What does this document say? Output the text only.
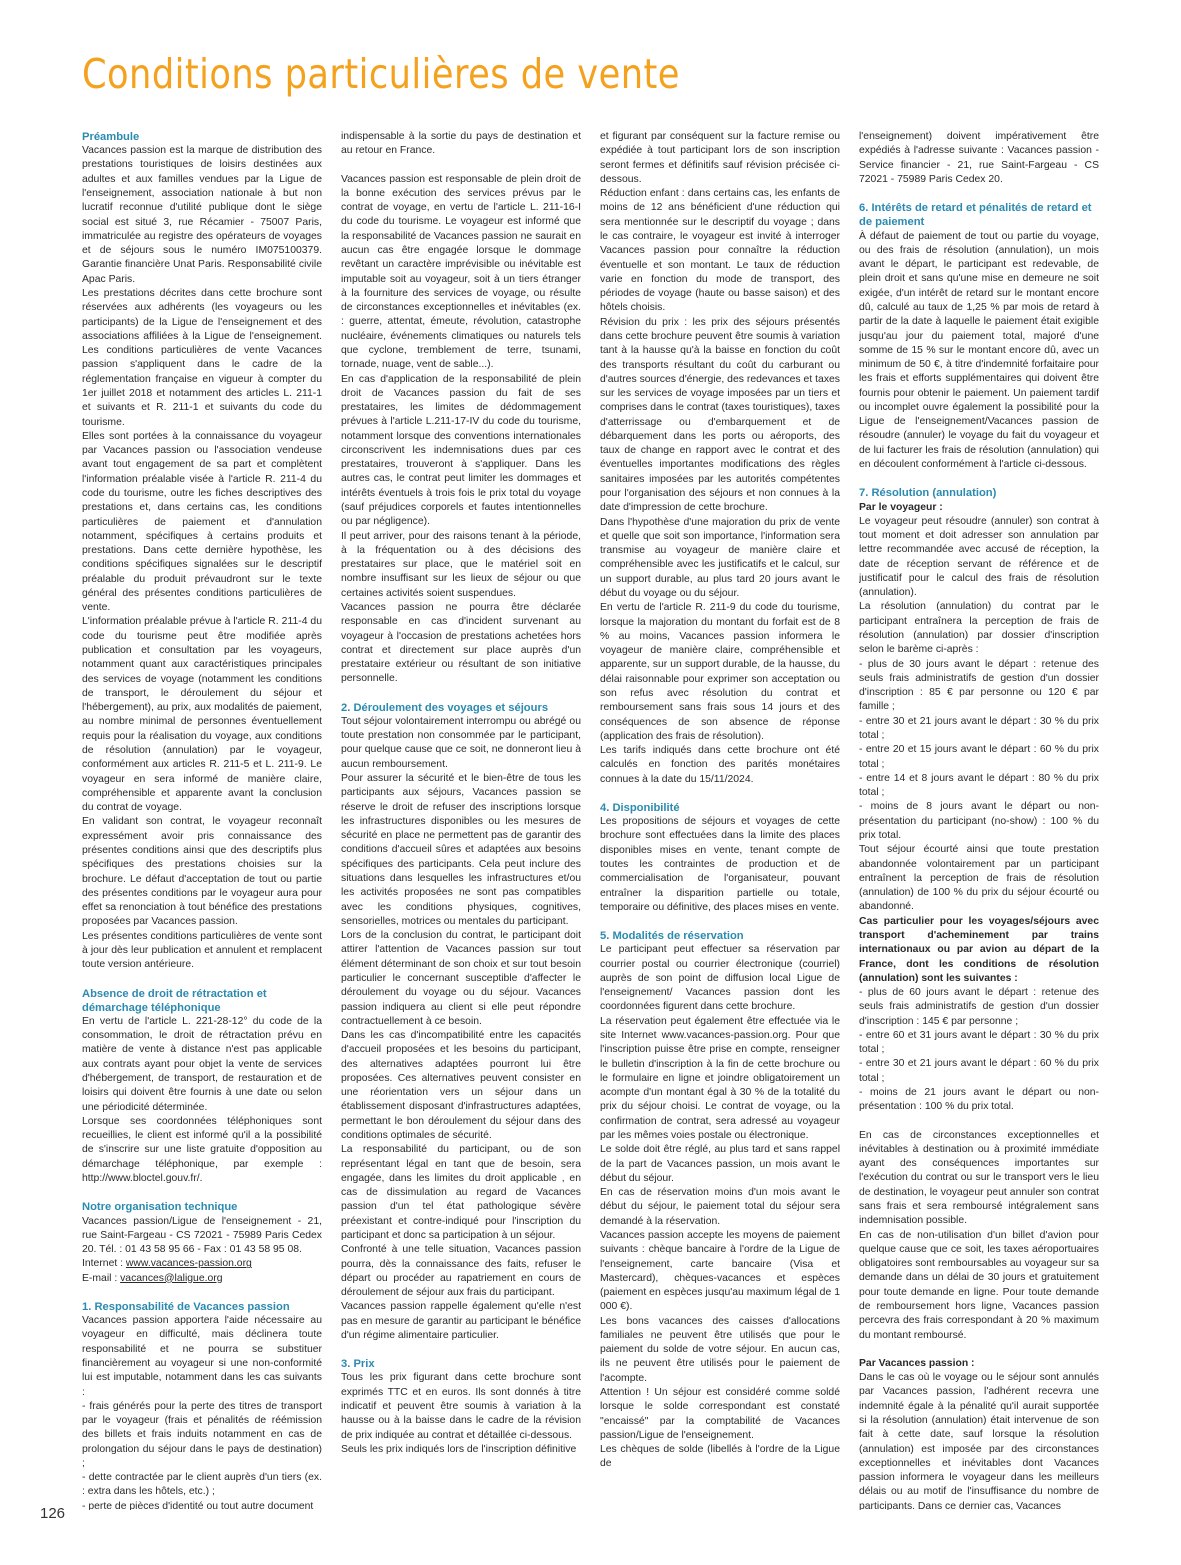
Conditions particulières de vente

Préambule

Vacances passion est la marque de distribution des prestations touristiques de loisirs destinées aux adultes et aux familles vendues par la Ligue de l'enseignement, association nationale à but non lucratif reconnue d'utilité publique dont le siège social est situé 3, rue Récamier - 75007 Paris, immatriculée au registre des opérateurs de voyages et de séjours sous le numéro IM075100379. Garantie financière Unat Paris. Responsabilité civile Apac Paris.

Les prestations décrites dans cette brochure sont réservées aux adhérents (les voyageurs ou les participants) de la Ligue de l'enseignement et des associations affiliées à la Ligue de l'enseignement. Les conditions particulières de vente Vacances passion s'appliquent dans le cadre de la réglementation française en vigueur à compter du 1er juillet 2018 et notamment des articles L. 211-1 et suivants et R. 211-1 et suivants du code du tourisme.

Elles sont portées à la connaissance du voyageur par Vacances passion ou l'association vendeuse avant tout engagement de sa part et complètent l'information préalable visée à l'article R. 211-4 du code du tourisme, outre les fiches descriptives des prestations et, dans certains cas, les conditions particulières de paiement et d'annulation notamment, spécifiques à certains produits et prestations. Dans cette dernière hypothèse, les conditions spécifiques signalées sur le descriptif préalable du produit prévaudront sur le texte général des présentes conditions particulières de vente.

L'information préalable prévue à l'article R. 211-4 du code du tourisme peut être modifiée après publication et consultation par les voyageurs, notamment quant aux caractéristiques principales des services de voyage (notamment les conditions de transport, le déroulement du séjour et l'hébergement), au prix, aux modalités de paiement, au nombre minimal de personnes éventuellement requis pour la réalisation du voyage, aux conditions de résolution (annulation) par le voyageur, conformément aux articles R. 211-5 et L. 211-9. Le voyageur en sera informé de manière claire, compréhensible et apparente avant la conclusion du contrat de voyage.

En validant son contrat, le voyageur reconnaît expressément avoir pris connaissance des présentes conditions ainsi que des descriptifs plus spécifiques des prestations choisies sur la brochure. Le défaut d'acceptation de tout ou partie des présentes conditions par le voyageur aura pour effet sa renonciation à tout bénéfice des prestations proposées par Vacances passion.

Les présentes conditions particulières de vente sont à jour dès leur publication et annulent et remplacent toute version antérieure.

Absence de droit de rétractation et démarchage téléphonique

En vertu de l'article L. 221-28-12° du code de la consommation, le droit de rétractation prévu en matière de vente à distance n'est pas applicable aux contrats ayant pour objet la vente de services d'hébergement, de transport, de restauration et de loisirs qui doivent être fournis à une date ou selon une périodicité déterminée.

Lorsque ses coordonnées téléphoniques sont recueillies, le client est informé qu'il a la possibilité de s'inscrire sur une liste gratuite d'opposition au démarchage téléphonique, par exemple : http://www.bloctel.gouv.fr/.

Notre organisation technique

Vacances passion/Ligue de l'enseignement - 21, rue Saint-Fargeau - CS 72021 - 75989 Paris Cedex 20. Tél. : 01 43 58 95 66 - Fax : 01 43 58 95 08.

Internet : www.vacances-passion.org

E-mail : vacances@laligue.org

1. Responsabilité de Vacances passion

Vacances passion apportera l'aide nécessaire au voyageur en difficulté, mais déclinera toute responsabilité et ne pourra se substituer financièrement au voyageur si une non-conformité lui est imputable, notamment dans les cas suivants :

- frais générés pour la perte des titres de transport par le voyageur (frais et pénalités de réémission des billets et frais induits notamment en cas de prolongation du séjour dans le pays de destination) ;

- dette contractée par le client auprès d'un tiers (ex. : extra dans les hôtels, etc.) ;

- perte de pièces d'identité ou tout autre document

indispensable à la sortie du pays de destination et au retour en France.

Vacances passion est responsable de plein droit de la bonne exécution des services prévus par le contrat de voyage, en vertu de l'article L. 211-16-I du code du tourisme. Le voyageur est informé que la responsabilité de Vacances passion ne saurait en aucun cas être engagée lorsque le dommage revêtant un caractère imprévisible ou inévitable est imputable soit au voyageur, soit à un tiers étranger à la fourniture des services de voyage, ou résulte de circonstances exceptionnelles et inévitables (ex. : guerre, attentat, émeute, révolution, catastrophe nucléaire, événements climatiques ou naturels tels que cyclone, tremblement de terre, tsunami, tornade, nuage, vent de sable...).

En cas d'application de la responsabilité de plein droit de Vacances passion du fait de ses prestataires, les limites de dédommagement prévues à l'article L.211-17-IV du code du tourisme, notamment lorsque des conventions internationales circonscrivent les indemnisations dues par ces prestataires, trouveront à s'appliquer. Dans les autres cas, le contrat peut limiter les dommages et intérêts éventuels à trois fois le prix total du voyage (sauf préjudices corporels et fautes intentionnelles ou par négligence).

Il peut arriver, pour des raisons tenant à la période, à la fréquentation ou à des décisions des prestataires sur place, que le matériel soit en nombre insuffisant sur les lieux de séjour ou que certaines activités soient suspendues.

Vacances passion ne pourra être déclarée responsable en cas d'incident survenant au voyageur à l'occasion de prestations achetées hors contrat et directement sur place auprès d'un prestataire extérieur ou résultant de son initiative personnelle.

2. Déroulement des voyages et séjours

Tout séjour volontairement interrompu ou abrégé ou toute prestation non consommée par le participant, pour quelque cause que ce soit, ne donneront lieu à aucun remboursement.

Pour assurer la sécurité et le bien-être de tous les participants aux séjours, Vacances passion se réserve le droit de refuser des inscriptions lorsque les infrastructures disponibles ou les mesures de sécurité en place ne permettent pas de garantir des conditions d'accueil sûres et adaptées aux besoins spécifiques des participants. Cela peut inclure des situations dans lesquelles les infrastructures et/ou les activités proposées ne sont pas compatibles avec les conditions physiques, cognitives, sensorielles, motrices ou mentales du participant.

Lors de la conclusion du contrat, le participant doit attirer l'attention de Vacances passion sur tout élément déterminant de son choix et sur tout besoin particulier le concernant susceptible d'affecter le déroulement du voyage ou du séjour. Vacances passion indiquera au client si elle peut répondre contractuellement à ce besoin.

Dans les cas d'incompatibilité entre les capacités d'accueil proposées et les besoins du participant, des alternatives adaptées pourront lui être proposées. Ces alternatives peuvent consister en une réorientation vers un séjour dans un établissement disposant d'infrastructures adaptées, permettant le bon déroulement du séjour dans des conditions optimales de sécurité.

La responsabilité du participant, ou de son représentant légal en tant que de besoin, sera engagée, dans les limites du droit applicable , en cas de dissimulation au regard de Vacances passion d'un tel état pathologique sévère préexistant et contre-indiqué pour l'inscription du participant et donc sa participation à un séjour.

Confronté à une telle situation, Vacances passion pourra, dès la connaissance des faits, refuser le départ ou procéder au rapatriement en cours de déroulement de séjour aux frais du participant.

Vacances passion rappelle également qu'elle n'est pas en mesure de garantir au participant le bénéfice d'un régime alimentaire particulier.

3. Prix

Tous les prix figurant dans cette brochure sont exprimés TTC et en euros. Ils sont donnés à titre indicatif et peuvent être soumis à variation à la hausse ou à la baisse dans le cadre de la révision de prix indiquée au contrat et détaillée ci-dessous.

Seuls les prix indiqués lors de l'inscription définitive

et figurant par conséquent sur la facture remise ou expédiée à tout participant lors de son inscription seront fermes et définitifs sauf révision précisée ci-dessous.

Réduction enfant : dans certains cas, les enfants de moins de 12 ans bénéficient d'une réduction qui sera mentionnée sur le descriptif du voyage ; dans le cas contraire, le voyageur est invité à interroger Vacances passion pour connaître la réduction éventuelle et son montant. Le taux de réduction varie en fonction du mode de transport, des périodes de voyage (haute ou basse saison) et des hôtels choisis.

Révision du prix : les prix des séjours présentés dans cette brochure peuvent être soumis à variation tant à la hausse qu'à la baisse en fonction du coût des transports résultant du coût du carburant ou d'autres sources d'énergie, des redevances et taxes sur les services de voyage imposées par un tiers et comprises dans le contrat (taxes touristiques), taxes d'atterrissage ou d'embarquement et de débarquement dans les ports ou aéroports, des taux de change en rapport avec le contrat et des éventuelles importantes modifications des règles sanitaires imposées par les autorités compétentes pour l'organisation des séjours et non connues à la date d'impression de cette brochure.

Dans l'hypothèse d'une majoration du prix de vente et quelle que soit son importance, l'information sera transmise au voyageur de manière claire et compréhensible avec les justificatifs et le calcul, sur un support durable, au plus tard 20 jours avant le début du voyage ou du séjour.

En vertu de l'article R. 211-9 du code du tourisme, lorsque la majoration du montant du forfait est de 8 % au moins, Vacances passion informera le voyageur de manière claire, compréhensible et apparente, sur un support durable, de la hausse, du délai raisonnable pour exprimer son acceptation ou son refus avec résolution du contrat et remboursement sans frais sous 14 jours et des conséquences de son absence de réponse (application des frais de résolution).

Les tarifs indiqués dans cette brochure ont été calculés en fonction des parités monétaires connues à la date du 15/11/2024.

4. Disponibilité

Les propositions de séjours et voyages de cette brochure sont effectuées dans la limite des places disponibles mises en vente, tenant compte de toutes les contraintes de production et de commercialisation de l'organisateur, pouvant entraîner la disparition partielle ou totale, temporaire ou définitive, des places mises en vente.

5. Modalités de réservation

Le participant peut effectuer sa réservation par courrier postal ou courrier électronique (courriel) auprès de son point de diffusion local Ligue de l'enseignement/ Vacances passion dont les coordonnées figurent dans cette brochure.

La réservation peut également être effectuée via le site Internet www.vacances-passion.org. Pour que l'inscription puisse être prise en compte, renseigner le bulletin d'inscription à la fin de cette brochure ou le formulaire en ligne et joindre obligatoirement un acompte d'un montant égal à 30 % de la totalité du prix du séjour choisi. Le contrat de voyage, ou la confirmation de contrat, sera adressé au voyageur par les mêmes voies postale ou électronique.

Le solde doit être réglé, au plus tard et sans rappel de la part de Vacances passion, un mois avant le début du séjour.

En cas de réservation moins d'un mois avant le début du séjour, le paiement total du séjour sera demandé à la réservation.

Vacances passion accepte les moyens de paiement suivants : chèque bancaire à l'ordre de la Ligue de l'enseignement, carte bancaire (Visa et Mastercard), chèques-vacances et espèces (paiement en espèces jusqu'au maximum légal de 1 000 €).

Les bons vacances des caisses d'allocations familiales ne peuvent être utilisés que pour le paiement du solde de votre séjour. En aucun cas, ils ne peuvent être utilisés pour le paiement de l'acompte.

Attention ! Un séjour est considéré comme soldé lorsque le solde correspondant est constaté "encaissé" par la comptabilité de Vacances passion/Ligue de l'enseignement.

Les chèques de solde (libellés à l'ordre de la Ligue de

l'enseignement) doivent impérativement être expédiés à l'adresse suivante : Vacances passion - Service financier - 21, rue Saint-Fargeau - CS 72021 - 75989 Paris Cedex 20.

6. Intérêts de retard et pénalités de retard et de paiement

À défaut de paiement de tout ou partie du voyage, ou des frais de résolution (annulation), un mois avant le départ, le participant est redevable, de plein droit et sans qu'une mise en demeure ne soit exigée, d'un intérêt de retard sur le montant encore dû, calculé au taux de 1,25 % par mois de retard à partir de la date à laquelle le paiement était exigible jusqu'au jour du paiement total, majoré d'une somme de 15 % sur le montant encore dû, avec un minimum de 50 €, à titre d'indemnité forfaitaire pour les frais et efforts supplémentaires qui doivent être fournis pour obtenir le paiement. Un paiement tardif ou incomplet ouvre également la possibilité pour la Ligue de l'enseignement/Vacances passion de résoudre (annuler) le voyage du fait du voyageur et de lui facturer les frais de résolution (annulation) qui en découlent conformément à l'article ci-dessous.

7. Résolution (annulation)

Par le voyageur :

Le voyageur peut résoudre (annuler) son contrat à tout moment et doit adresser son annulation par lettre recommandée avec accusé de réception, la date de réception servant de référence et de justificatif pour le calcul des frais de résolution (annulation).

La résolution (annulation) du contrat par le participant entraînera la perception de frais de résolution (annulation) par dossier d'inscription selon le barème ci-après :

- plus de 30 jours avant le départ : retenue des seuls frais administratifs de gestion d'un dossier d'inscription : 85 € par personne ou 120 € par famille ;

- entre 30 et 21 jours avant le départ : 30 % du prix total ;

- entre 20 et 15 jours avant le départ : 60 % du prix total ;

- entre 14 et 8 jours avant le départ : 80 % du prix total ;

- moins de 8 jours avant le départ ou non-présentation du participant (no-show) : 100 % du prix total.

Tout séjour écourté ainsi que toute prestation abandonnée volontairement par un participant entraînent la perception de frais de résolution (annulation) de 100 % du prix du séjour écourté ou abandonné.

Cas particulier pour les voyages/séjours avec transport d'acheminement par trains internationaux ou par avion au départ de la France, dont les conditions de résolution (annulation) sont les suivantes :

- plus de 60 jours avant le départ : retenue des seuls frais administratifs de gestion d'un dossier d'inscription : 145 € par personne ;

- entre 60 et 31 jours avant le départ : 30 % du prix total ;

- entre 30 et 21 jours avant le départ : 60 % du prix total ;

- moins de 21 jours avant le départ ou non-présentation : 100 % du prix total.

En cas de circonstances exceptionnelles et inévitables à destination ou à proximité immédiate ayant des conséquences importantes sur l'exécution du contrat ou sur le transport vers le lieu de destination, le voyageur peut annuler son contrat sans frais et sera remboursé intégralement sans indemnisation possible.

En cas de non-utilisation d'un billet d'avion pour quelque cause que ce soit, les taxes aéroportuaires obligatoires sont remboursables au voyageur sur sa demande dans un délai de 30 jours et gratuitement pour toute demande en ligne. Pour toute demande de remboursement hors ligne, Vacances passion percevra des frais correspondant à 20 % maximum du montant remboursé.

Par Vacances passion :

Dans le cas où le voyage ou le séjour sont annulés par Vacances passion, l'adhérent recevra une indemnité égale à la pénalité qu'il aurait supportée si la résolution (annulation) était intervenue de son fait à cette date, sauf lorsque la résolution (annulation) est imposée par des circonstances exceptionnelles et inévitables dont Vacances passion informera le voyageur dans les meilleurs délais ou au motif de l'insuffisance du nombre de participants. Dans ce dernier cas, Vacances

126
